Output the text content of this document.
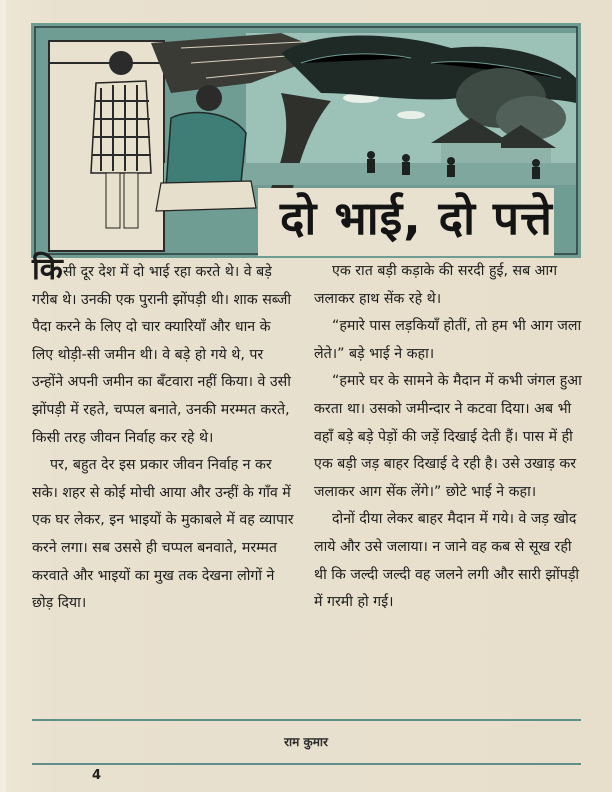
दो भाई, दो पत्ते

किसी दूर देश में दो भाई रहा करते थे। वे बड़े गरीब थे। उनकी एक पुरानी झोंपड़ी थी। शाक सब्जी पैदा करने के लिए दो चार क्यारियाँ और धान के लिए थोड़ी-सी जमीन थी। वे बड़े हो गये थे, पर उन्होंने अपनी जमीन का बँटवारा नहीं किया। वे उसी झोंपड़ी में रहते, चप्पल बनाते, उनकी मरम्मत करते, किसी तरह जीवन निर्वाह कर रहे थे।

पर, बहुत देर इस प्रकार जीवन निर्वाह न कर सके। शहर से कोई मोची आया और उन्हीं के गाँव में एक घर लेकर, इन भाइयों के मुकाबले में वह व्यापार करने लगा। सब उससे ही चप्पल बनवाते, मरम्मत करवाते और भाइयों का मुख तक देखना लोगों ने छोड़ दिया।

एक रात बड़ी कड़ाके की सरदी हुई, सब आग जलाकर हाथ सेंक रहे थे।

“हमारे पास लड़कियाँ होतीं, तो हम भी आग जला लेते।” बड़े भाई ने कहा।

“हमारे घर के सामने के मैदान में कभी जंगल हुआ करता था। उसको जमीन्दार ने कटवा दिया। अब भी वहाँ बड़े बड़े पेड़ों की जड़ें दिखाई देती हैं। पास में ही एक बड़ी जड़ बाहर दिखाई दे रही है। उसे उखाड़ कर जलाकर आग सेंक लेंगे।” छोटे भाई ने कहा।

दोनों दीया लेकर बाहर मैदान में गये। वे जड़ खोद लाये और उसे जलाया। न जाने वह कब से सूख रही थी कि जल्दी जल्दी वह जलने लगी और सारी झोंपड़ी में गरमी हो गई।

राम कुमार
4
